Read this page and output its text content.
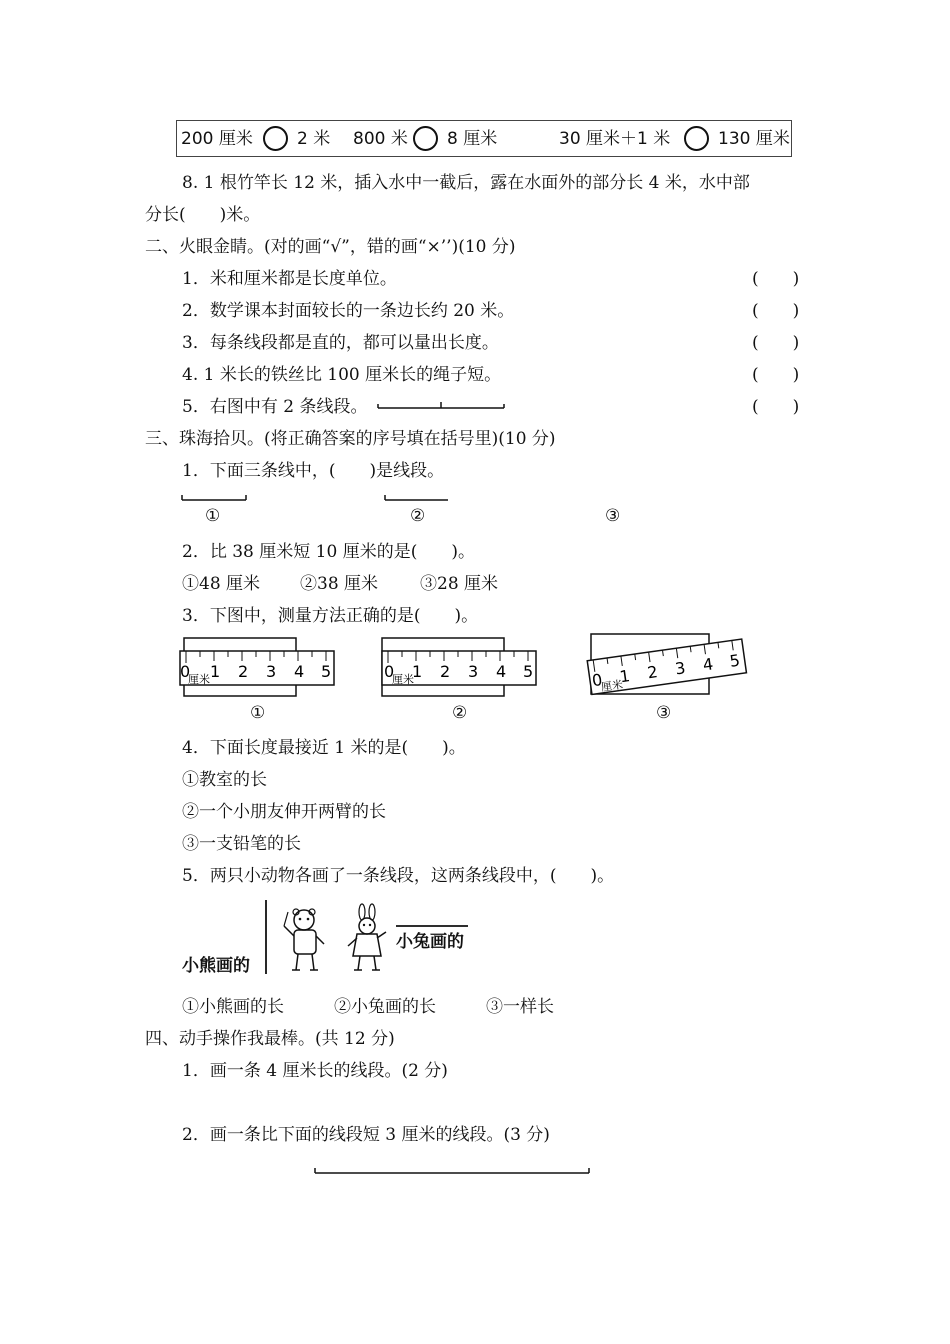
200 厘米	2 米 800 米 8 厘米	30 厘米＋1 米	130 厘米
8. 1 根竹竿长 12 米，插入水中一截后，露在水面外的部分长 4 米，水中部
分长(　　)米。
二、火眼金睛。(对的画“√”，错的画“×’’)(10 分)
1．米和厘米都是长度单位。	(　　)
2．数学课本封面较长的一条边长约 20 米。	(　　)
3．每条线段都是直的，都可以量出长度。	(　　)
4. 1 米长的铁丝比 100 厘米长的绳子短。	(　　)
5．右图中有 2 条线段。	(　　)
三、珠海拾贝。(将正确答案的序号填在括号里)(10 分)
1．下面三条线中，(　　)是线段。
①	②	③
2．比 38 厘米短 10 厘米的是(　　)。
①48 厘米 ②38 厘米 ③28 厘米
3．下图中，测量方法正确的是(　　)。
0 1 2 3 4 5
厘米
①
0 1 2 3 4 5
厘米
②
0 1 2 3 4 5
厘米
③
4．下面长度最接近 1 米的是(　　)。
①教室的长
②一个小朋友伸开两臂的长
③一支铅笔的长
5．两只小动物各画了一条线段，这两条线段中，(　　)。
小熊画的
小兔画的
①小熊画的长	②小兔画的长	③一样长
四、动手操作我最棒。(共 12 分)
1．画一条 4 厘米长的线段。(2 分)
2．画一条比下面的线段短 3 厘米的线段。(3 分)
